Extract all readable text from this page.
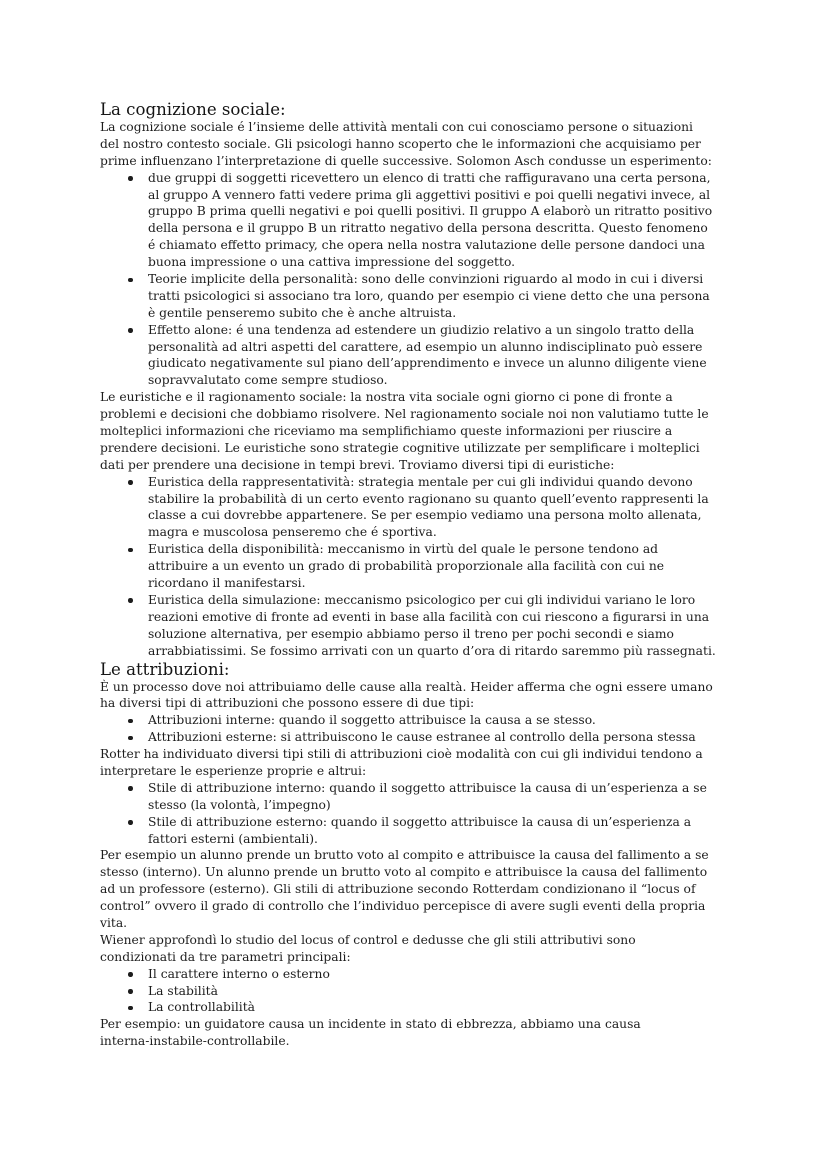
La cognizione sociale:
La cognizione sociale é l’insieme delle attività mentali con cui conosciamo persone o situazioni
del nostro contesto sociale. Gli psicologi hanno scoperto che le informazioni che acquisiamo per
prime influenzano l’interpretazione di quelle successive. Solomon Asch condusse un esperimento:
due gruppi di soggetti ricevettero un elenco di tratti che raffiguravano una certa persona,
al gruppo A vennero fatti vedere prima gli aggettivi positivi e poi quelli negativi invece, al
gruppo B prima quelli negativi e poi quelli positivi. Il gruppo A elaborò un ritratto positivo
della persona e il gruppo B un ritratto negativo della persona descritta. Questo fenomeno
é chiamato effetto primacy, che opera nella nostra valutazione delle persone dandoci una
buona impressione o una cattiva impressione del soggetto.
Teorie implicite della personalità: sono delle convinzioni riguardo al modo in cui i diversi
tratti psicologici si associano tra loro, quando per esempio ci viene detto che una persona
è gentile penseremo subito che è anche altruista.
Effetto alone: é una tendenza ad estendere un giudizio relativo a un singolo tratto della
personalità ad altri aspetti del carattere, ad esempio un alunno indisciplinato può essere
giudicato negativamente sul piano dell’apprendimento e invece un alunno diligente viene
sopravvalutato come sempre studioso.
Le euristiche e il ragionamento sociale: la nostra vita sociale ogni giorno ci pone di fronte a
problemi e decisioni che dobbiamo risolvere. Nel ragionamento sociale noi non valutiamo tutte le
molteplici informazioni che riceviamo ma semplifichiamo queste informazioni per riuscire a
prendere decisioni. Le euristiche sono strategie cognitive utilizzate per semplificare i molteplici
dati per prendere una decisione in tempi brevi. Troviamo diversi tipi di euristiche:
Euristica della rappresentatività: strategia mentale per cui gli individui quando devono
stabilire la probabilità di un certo evento ragionano su quanto quell’evento rappresenti la
classe a cui dovrebbe appartenere. Se per esempio vediamo una persona molto allenata,
magra e muscolosa penseremo che é sportiva.
Euristica della disponibilità: meccanismo in virtù del quale le persone tendono ad
attribuire a un evento un grado di probabilità proporzionale alla facilità con cui ne
ricordano il manifestarsi.
Euristica della simulazione: meccanismo psicologico per cui gli individui variano le loro
reazioni emotive di fronte ad eventi in base alla facilità con cui riescono a figurarsi in una
soluzione alternativa, per esempio abbiamo perso il treno per pochi secondi e siamo
arrabbiatissimi. Se fossimo arrivati con un quarto d’ora di ritardo saremmo più rassegnati.
Le attribuzioni:
È un processo dove noi attribuiamo delle cause alla realtà. Heider afferma che ogni essere umano
ha diversi tipi di attribuzioni che possono essere di due tipi:
Attribuzioni interne: quando il soggetto attribuisce la causa a se stesso.
Attribuzioni esterne: si attribuiscono le cause estranee al controllo della persona stessa
Rotter ha individuato diversi tipi stili di attribuzioni cioè modalità con cui gli individui tendono a
interpretare le esperienze proprie e altrui:
Stile di attribuzione interno: quando il soggetto attribuisce la causa di un’esperienza a se
stesso (la volontà, l’impegno)
Stile di attribuzione esterno: quando il soggetto attribuisce la causa di un’esperienza a
fattori esterni (ambientali).
Per esempio un alunno prende un brutto voto al compito e attribuisce la causa del fallimento a se
stesso (interno). Un alunno prende un brutto voto al compito e attribuisce la causa del fallimento
ad un professore (esterno). Gli stili di attribuzione secondo Rotterdam condizionano il “locus of
control” ovvero il grado di controllo che l’individuo percepisce di avere sugli eventi della propria
vita.
Wiener approfondì lo studio del locus of control e dedusse che gli stili attributivi sono
condizionati da tre parametri principali:
Il carattere interno o esterno
La stabilità
La controllabilità
Per esempio: un guidatore causa un incidente in stato di ebbrezza, abbiamo una causa
interna-instabile-controllabile.
